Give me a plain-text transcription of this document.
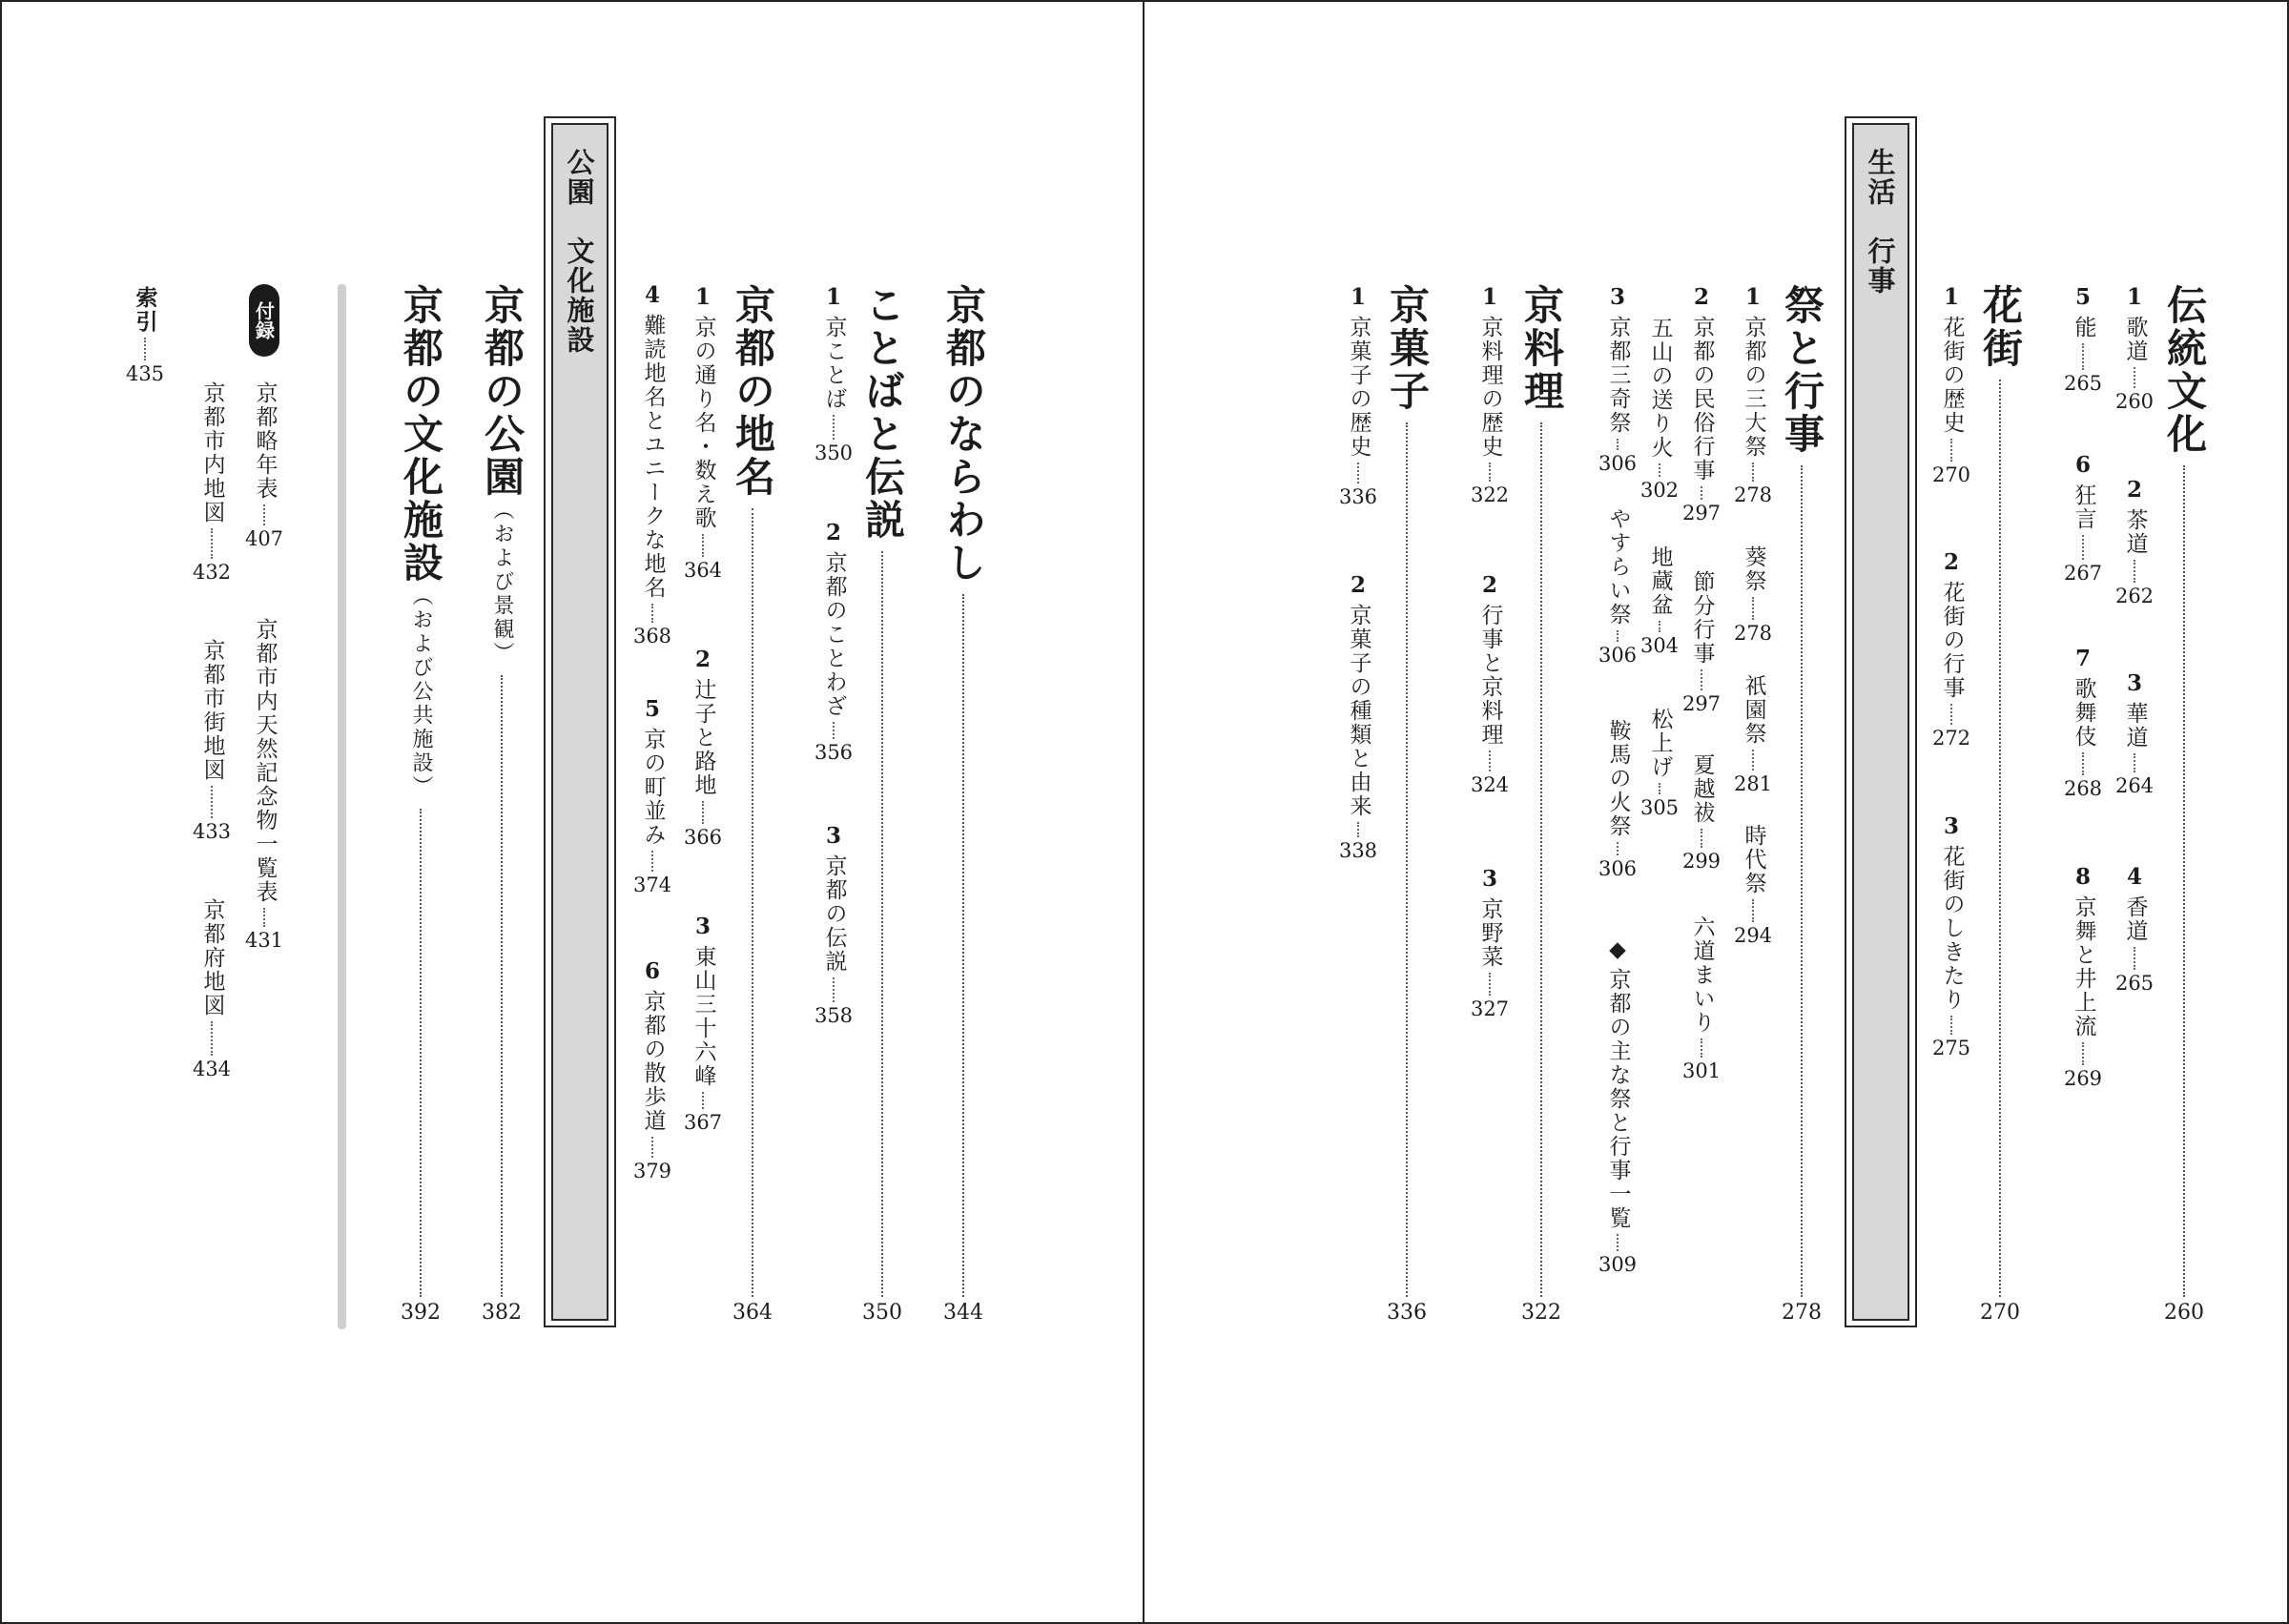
京都のならわし
344
ことばと伝説
350
1
京ことば
350
2
京都のことわざ
356
3
京都の伝説
358
京都の地名
364
1
京の通り名・数え歌
364
2
辻子と路地
366
3
東山三十六峰
367
4
難読地名とユニークな地名
368
5
京の町並み
374
6
京都の散歩道
379
公園　文化施設
京都の公園（および景観）
382
京都の文化施設（および公共施設）
392
付録
京都略年表
407
京都市内天然記念物一覧表
431
京都市内地図
432
京都市街地図
433
京都府地図
434
索引
435	伝統文化
260
1
歌道
260
2
茶道
262
3
華道
264
4
香道
265
5
能
265
6
狂言
267
7
歌舞伎
268
8
京舞と井上流
269
花街
270
1
花街の歴史
270
2
花街の行事
272
3
花街のしきたり
275
生活　行事
祭と行事
278
1
京都の三大祭
278
葵祭
278
祇園祭
281
時代祭
294
2
京都の民俗行事
297
節分行事
297
夏越祓
299
六道まいり
301
五山の送り火
302
地蔵盆
304
松上げ
305
3
京都三奇祭
306
やすらい祭
306
鞍馬の火祭
306
◆
京都の主な祭と行事一覧
309
京料理
322
1
京料理の歴史
322
2
行事と京料理
324
3
京野菜
327
京菓子
336
1
京菓子の歴史
336
2
京菓子の種類と由来
338
